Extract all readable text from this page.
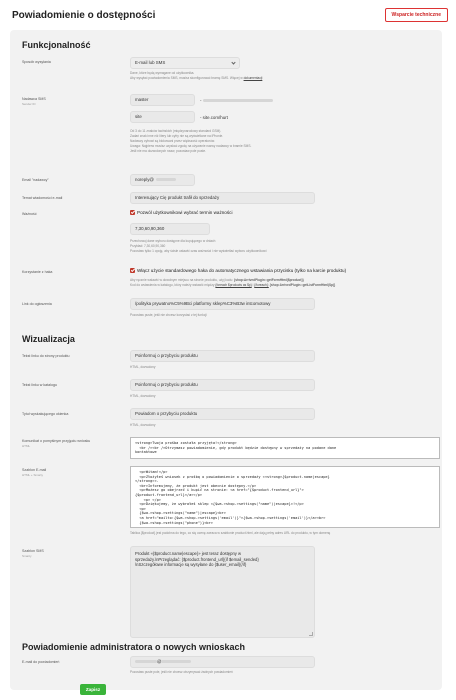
Powiadomienie o dostępności	Wsparcie techniczne
Funkcjonalność
Sposób wysyłania	E-mail lub SMS
Dane, które będą wymagane od użytkownika.
Aby wysyłać powiadomienia SMS, musisz skonfigurować bramę SMS. Więcej w dokumentacji
Nadawca SMS
Sender ID
master	-
site	- site.com/hurt
Od 3 do 11 znaków łacińskich (międzynarodowy standard GSM).
Zadań znak inne niż litery lub cyfry nie są wyświetlane na iPhonie.
Nadawcy cyfrowi są blokowani przez większość operatorów.
Uwaga: Najpierw musisz uzyskać zgodę na używanie nazwy nadawcy w bramie SMS.
Jeśli nie ma dozwolonych nazw, pozostaw pole puste.
Email "nadawcy"	noreply@
Temat wiadomości e-mail	Interesujący Cię produkt trafił do sprzedaży
Ważność	Pozwól użytkownikowi wybrać termin ważności
7,30,60,90,360
Przechowuj dane wyboru dostępne dla kupującego w dniach
Przykład: 7,30,60,90,360
Pozostaw tylko 1 opcję, aby ścisle ustawić czas ważności i nie wyświetlać wyboru użytkownikowi
Korzystanie z haka	Włącz użycie standardowego haka do automatycznego wstawiania przycisku (tylko na karcie produktu)
Aby ręcznie wstawić w dowolnym miejscu na stronie produktu, użyj kodu: {shop:ArrivedPlugin::getFormHtml($product)}
Kod do wstawienia w katalogu, który należy wstawić między {foreach $products as $p} i {/foreach}: {shop:ArrivedPlugin::getListFormHtml($p)}
Link do ogłoszenia	/polityka prywatno%C5%9Bci platformy sklep%C3%B3w intcomotowy
Pozostaw puste, jeśli nie chcesz korzystać z tej funkcji
Wizualizacja
Tekst linku do strony produktu	Poinformuj o przybyciu produktu
HTML, dozwolony
Tekst linku w katalogu	Poinformuj o przybyciu produktu
HTML, dozwolony
Tytuł wyskakującego okienka	Powiadom o przybyciu produktu
HTML, dozwolony
Komunikat o pomyślnym przyjęciu wniosku
HTML
<strong>Twoja prośba została przyjęta!</strong>
<br /><br />Otrzymasz powiadomienie, gdy produkt będzie dostępny w sprzedaży na podane dane
kontaktowe
Szablon E-mail
HTML + Smarty
<p>Witam!</p>
<p>Złożyłeś wniosek z prośbą o powiadomienie o sprzedaży «<strong>{$product.name|escape}
</strong>».
<br>Informujemy, że produkt jest obecnie dostępny.</p>
<p>Możesz go obejrzeć i kupić na stronie: <a href="{$product.frontend_url}">
{$product.frontend_url}</a></p>
<p> </p>
<p>Dziękujemy, że wybrałeś sklep «{$wa->shop->settings("name")|escape}»!</p>
<p>
{$wa->shop->settings("name")|escape}<br>
<a href="mailto:{$wa->shop->settings('email')}">{$wa->shop->settings('email')}</a><br>
{$wa->shop->settings("phone")}<br>
Tablica {$product} jest podobna do tego, co się ocenę zwraca w szablonie product.html, ale dają pełny adres URL do produktu, w tym domenę
Szablon SMS
Smarty	Produkt «{$product.name|escape}» jest teraz dostępny w
sprzedaży.\nPrzeglądać: {$product.frontend_url}{if $email_sended}
\nSzczegółowe informacje są wysyłane do {$user_email}{/if}
Powiadomienie administratora o nowych wnioskach
E-mail do powiadomień	@
Pozostaw puste pole, jeśli nie chcesz otrzymywać żadnych powiadomień
Zapisz
